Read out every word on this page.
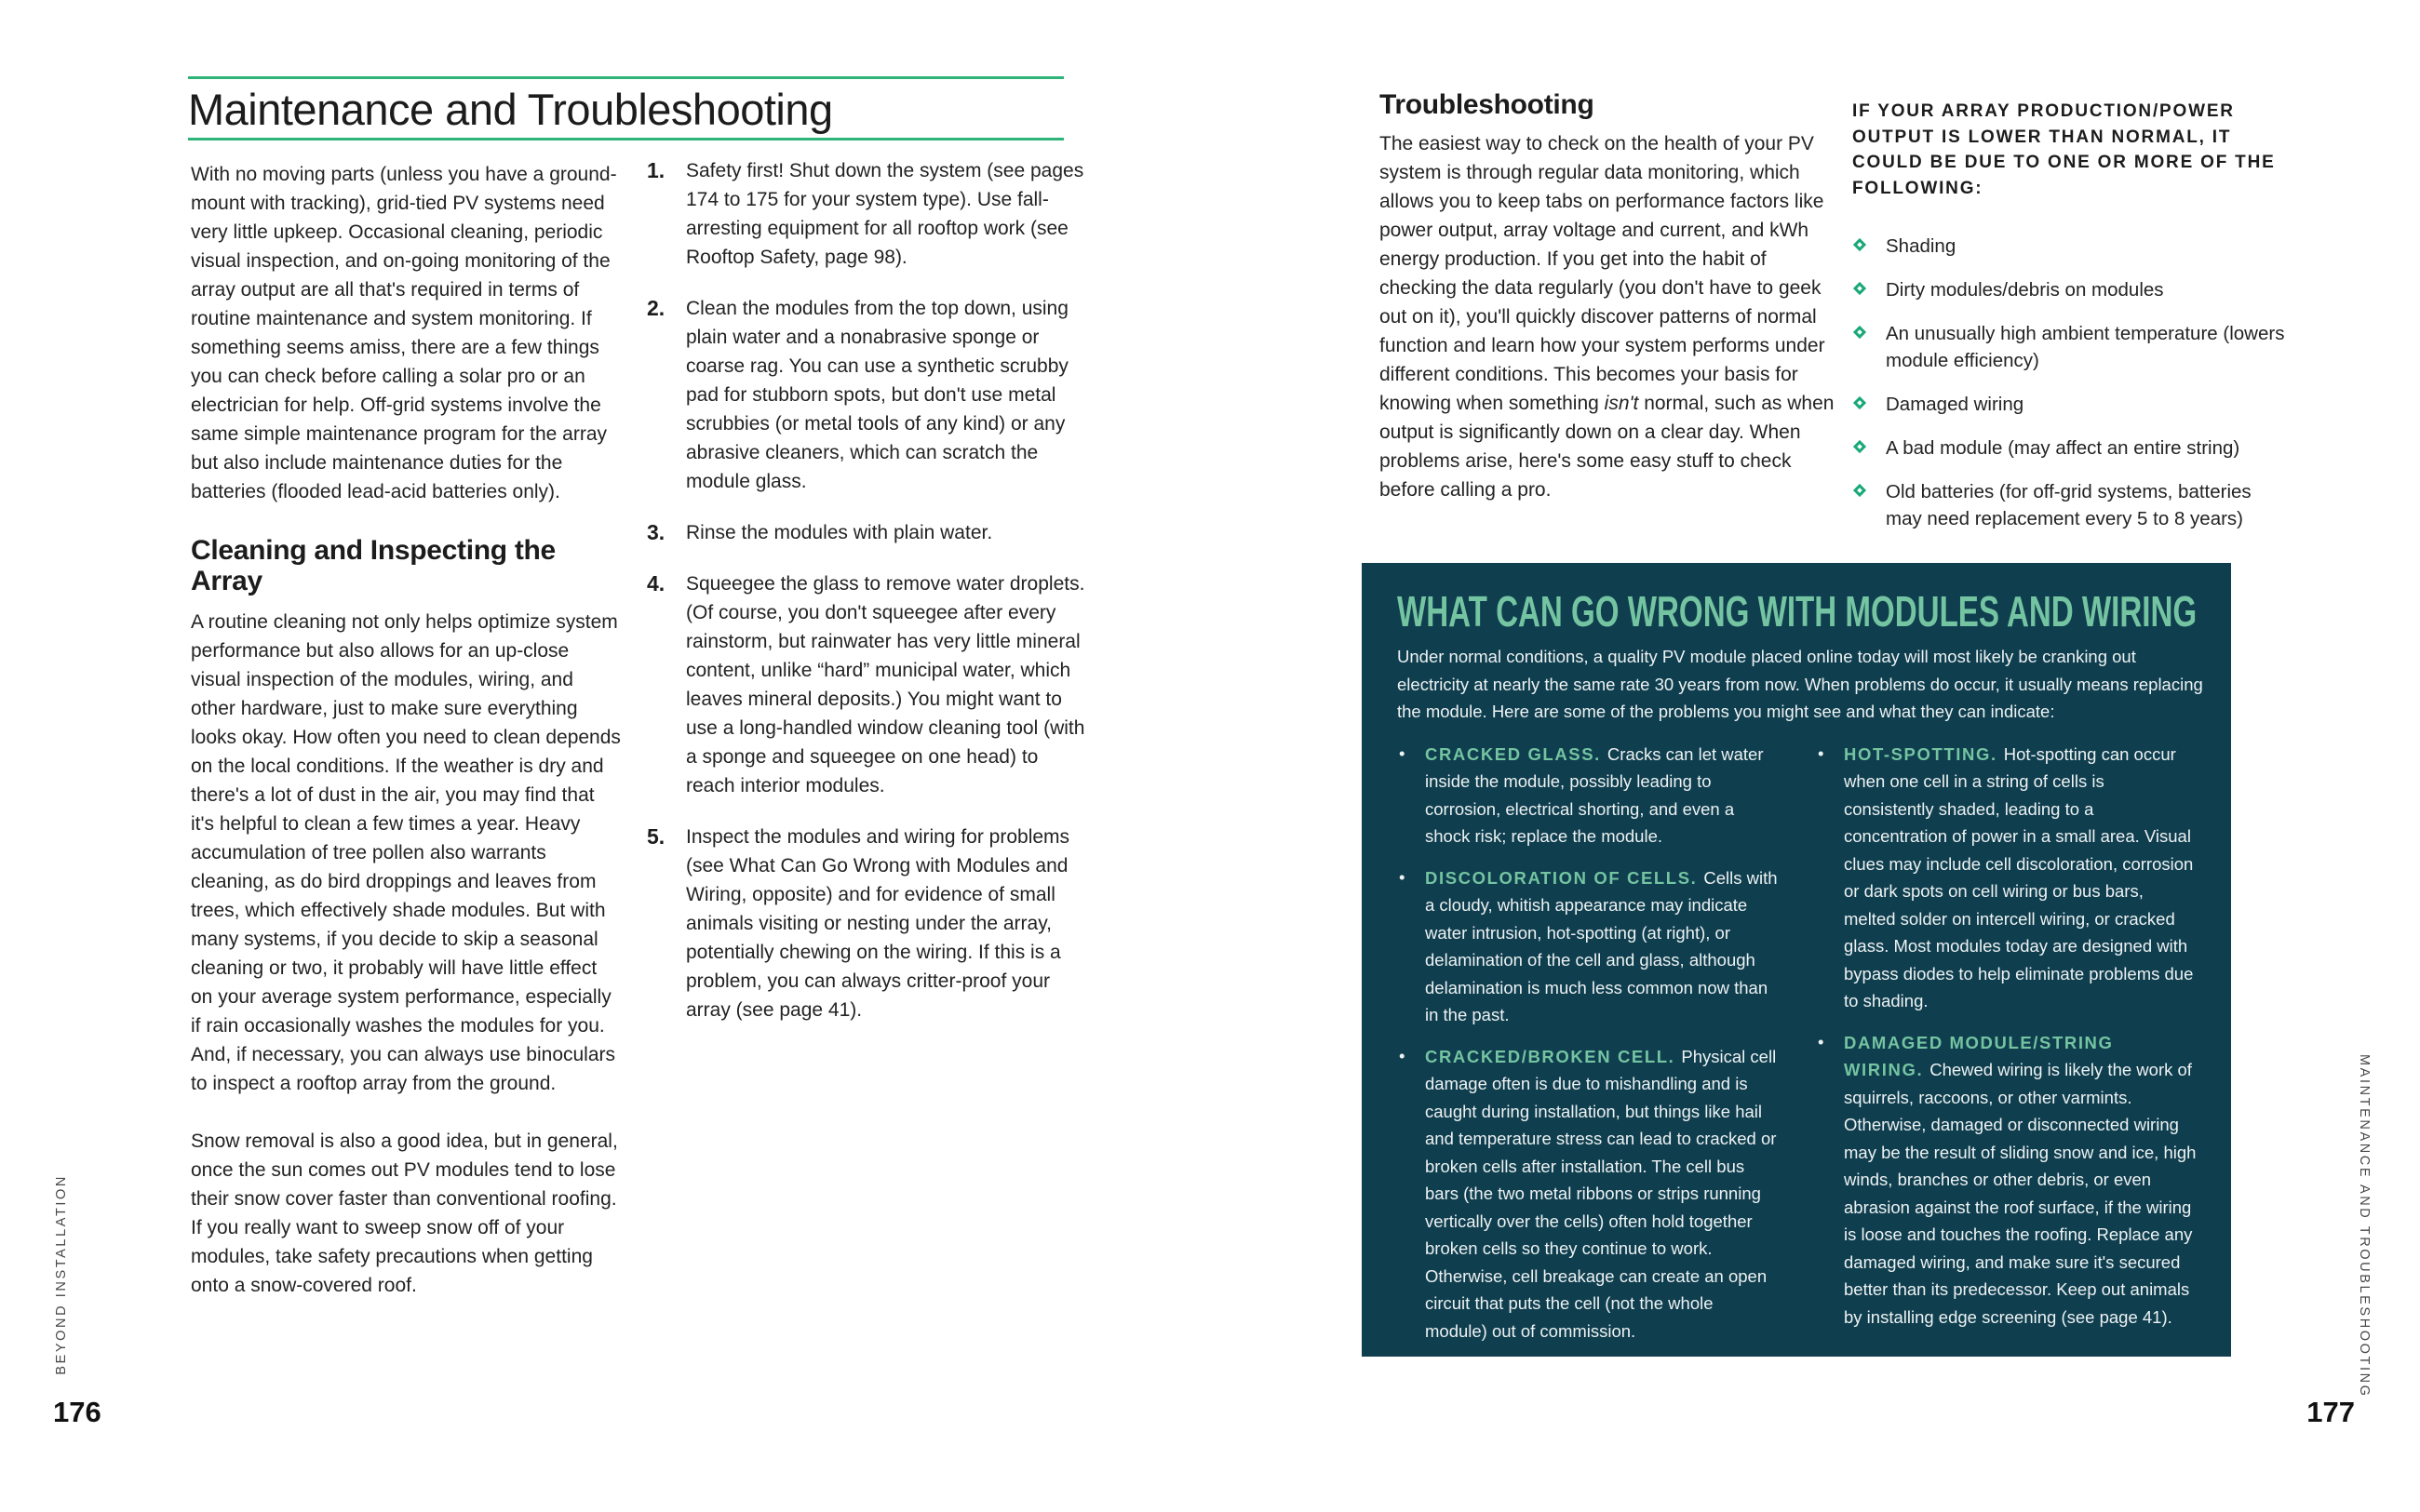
Maintenance and Troubleshooting

With no moving parts (unless you have a ground-mount with tracking), grid-tied PV systems need very little upkeep. Occasional cleaning, periodic visual inspection, and on-going monitoring of the array output are all that's required in terms of routine maintenance and system monitoring. If something seems amiss, there are a few things you can check before calling a solar pro or an electrician for help. Off-grid systems involve the same simple maintenance program for the array but also include maintenance duties for the batteries (flooded lead-acid batteries only).

Cleaning and Inspecting the Array

A routine cleaning not only helps optimize system performance but also allows for an up-close visual inspection of the modules, wiring, and other hardware, just to make sure everything looks okay. How often you need to clean depends on the local conditions. If the weather is dry and there's a lot of dust in the air, you may find that it's helpful to clean a few times a year. Heavy accumulation of tree pollen also warrants cleaning, as do bird droppings and leaves from trees, which effectively shade modules. But with many systems, if you decide to skip a seasonal cleaning or two, it probably will have little effect on your average system performance, especially if rain occasionally washes the modules for you. And, if necessary, you can always use binoculars to inspect a rooftop array from the ground.

Snow removal is also a good idea, but in general, once the sun comes out PV modules tend to lose their snow cover faster than conventional roofing. If you really want to sweep snow off of your modules, take safety precautions when getting onto a snow-covered roof.

1.	Safety first! Shut down the system (see pages 174 to 175 for your system type). Use fall-arresting equipment for all rooftop work (see Rooftop Safety, page 98).
2.	Clean the modules from the top down, using plain water and a nonabrasive sponge or coarse rag. You can use a synthetic scrubby pad for stubborn spots, but don't use metal scrubbies (or metal tools of any kind) or any abrasive cleaners, which can scratch the module glass.
3.	Rinse the modules with plain water.
4.	Squeegee the glass to remove water droplets. (Of course, you don't squeegee after every rainstorm, but rainwater has very little mineral content, unlike “hard” municipal water, which leaves mineral deposits.) You might want to use a long-handled window cleaning tool (with a sponge and squeegee on one head) to reach interior modules.
5.	Inspect the modules and wiring for problems (see What Can Go Wrong with Modules and Wiring, opposite) and for evidence of small animals visiting or nesting under the array, potentially chewing on the wiring. If this is a problem, you can always critter-proof your array (see page 41).
Troubleshooting

The easiest way to check on the health of your PV system is through regular data monitoring, which allows you to keep tabs on performance factors like power output, array voltage and current, and kWh energy production. If you get into the habit of checking the data regularly (you don't have to geek out on it), you'll quickly discover patterns of normal function and learn how your system performs under different conditions. This becomes your basis for knowing when something isn't normal, such as when output is significantly down on a clear day. When problems arise, here's some easy stuff to check before calling a pro.

IF YOUR ARRAY PRODUCTION/POWER OUTPUT IS LOWER THAN NORMAL, IT COULD BE DUE TO ONE OR MORE OF THE FOLLOWING:
Shading
Dirty modules/debris on modules
An unusually high ambient temperature (lowers module efficiency)
Damaged wiring
A bad module (may affect an entire string)
Old batteries (for off-grid systems, batteries may need replacement every 5 to 8 years)
WHAT CAN GO WRONG WITH MODULES AND WIRING

Under normal conditions, a quality PV module placed online today will most likely be cranking out electricity at nearly the same rate 30 years from now. When problems do occur, it usually means replacing the module. Here are some of the problems you might see and what they can indicate:

• CRACKED GLASS. Cracks can let water inside the module, possibly leading to corrosion, electrical shorting, and even a shock risk; replace the module.

• DISCOLORATION OF CELLS. Cells with a cloudy, whitish appearance may indicate water intrusion, hot-spotting (at right), or delamination of the cell and glass, although delamination is much less common now than in the past.

• CRACKED/BROKEN CELL. Physical cell damage often is due to mishandling and is caught during installation, but things like hail and temperature stress can lead to cracked or broken cells after installation. The cell bus bars (the two metal ribbons or strips running vertically over the cells) often hold together broken cells so they continue to work. Otherwise, cell breakage can create an open circuit that puts the cell (not the whole module) out of commission.

• HOT-SPOTTING. Hot-spotting can occur when one cell in a string of cells is consistently shaded, leading to a concentration of power in a small area. Visual clues may include cell discoloration, corrosion or dark spots on cell wiring or bus bars, melted solder on intercell wiring, or cracked glass. Most modules today are designed with bypass diodes to help eliminate problems due to shading.

• DAMAGED MODULE/STRING WIRING. Chewed wiring is likely the work of squirrels, raccoons, or other varmints. Otherwise, damaged or disconnected wiring may be the result of sliding snow and ice, high winds, branches or other debris, or even abrasion against the roof surface, if the wiring is loose and touches the roofing. Replace any damaged wiring, and make sure it's secured better than its predecessor. Keep out animals by installing edge screening (see page 41).

BEYOND INSTALLATION	MAINTENANCE AND TROUBLESHOOTING
176	177
